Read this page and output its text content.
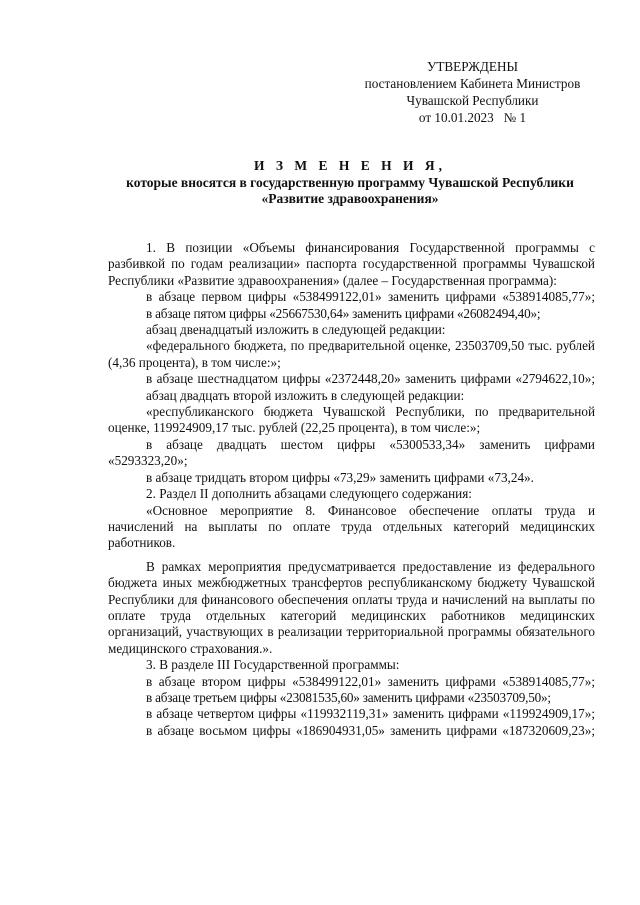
УТВЕРЖДЕНЫ
постановлением Кабинета Министров
Чувашской Республики
от 10.01.2023   № 1
И З М Е Н Е Н И Я,
которые вносятся в государственную программу Чувашской Республики
«Развитие здравоохранения»

1. В позиции «Объемы финансирования Государственной программы с разбивкой по годам реализации» паспорта государственной программы Чувашской Республики «Развитие здравоохранения» (далее – Государственная программа):

в абзаце первом цифры «538499122,01» заменить цифрами «538914085,77»;

в абзаце пятом цифры «25667530,64» заменить цифрами «26082494,40»;

абзац двенадцатый изложить в следующей редакции:

«федерального бюджета, по предварительной оценке, 23503709,50 тыс. рублей (4,36 процента), в том числе:»;

в абзаце шестнадцатом цифры «2372448,20» заменить цифрами «2794622,10»;

абзац двадцать второй изложить в следующей редакции:

«республиканского бюджета Чувашской Республики, по предварительной оценке, 119924909,17 тыс. рублей (22,25 процента), в том числе:»;

в абзаце двадцать шестом цифры «5300533,34» заменить цифрами «5293323,20»;

в абзаце тридцать втором цифры «73,29» заменить цифрами «73,24».

2. Раздел II дополнить абзацами следующего содержания:

«Основное мероприятие 8. Финансовое обеспечение оплаты труда и начислений на выплаты по оплате труда отдельных категорий медицинских работников.

В рамках мероприятия предусматривается предоставление из федерального бюджета иных межбюджетных трансфертов республиканскому бюджету Чувашской Республики для финансового обеспечения оплаты труда и начислений на выплаты по оплате труда отдельных категорий медицинских работников медицинских организаций, участвующих в реализации территориальной программы обязательного медицинского страхования.».

3. В разделе III Государственной программы:

в абзаце втором цифры «538499122,01» заменить цифрами «538914085,77»;

в абзаце третьем цифры «23081535,60» заменить цифрами «23503709,50»;

в абзаце четвертом цифры «119932119,31» заменить цифрами «119924909,17»;

в абзаце восьмом цифры «186904931,05» заменить цифрами «187320609,23»;
